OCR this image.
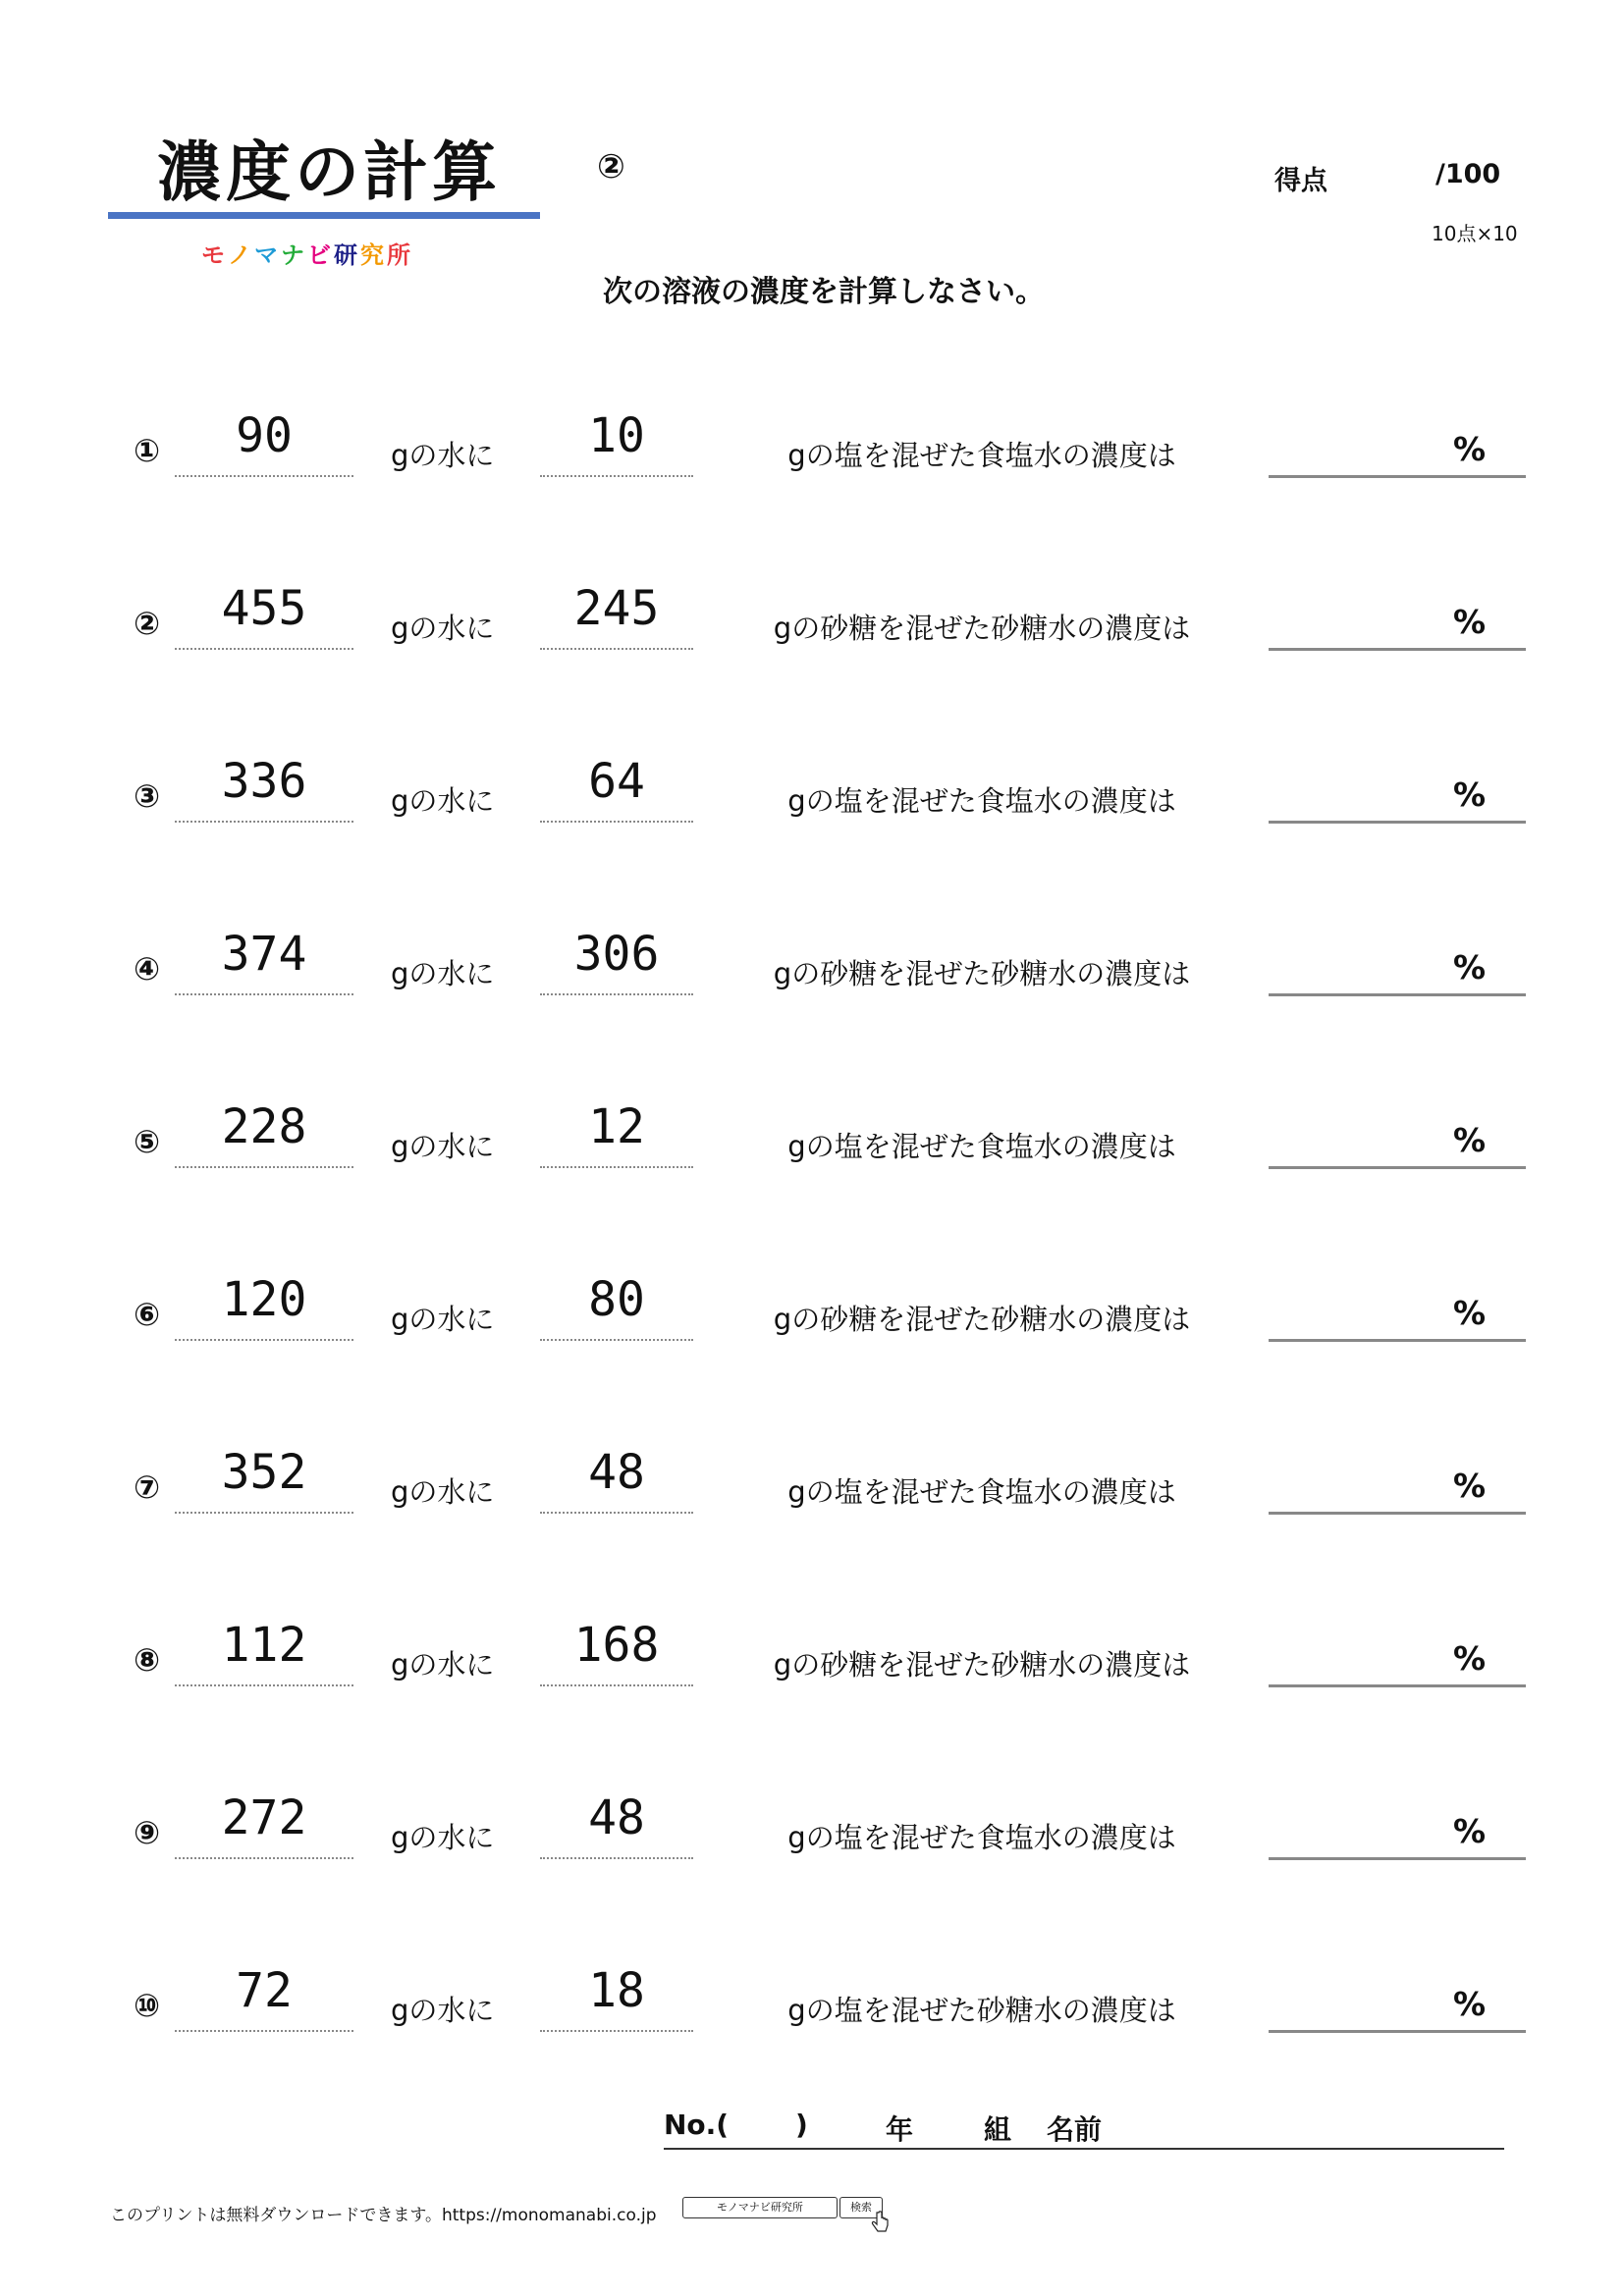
濃度の計算	②
モノマナビ研究所
得点	/100
10点×10
次の溶液の濃度を計算しなさい。
①	90	gの水に	10	gの塩を混ぜた食塩水の濃度は	%
②	455	gの水に	245	gの砂糖を混ぜた砂糖水の濃度は	%
③	336	gの水に	64	gの塩を混ぜた食塩水の濃度は	%
④	374	gの水に	306	gの砂糖を混ぜた砂糖水の濃度は	%
⑤	228	gの水に	12	gの塩を混ぜた食塩水の濃度は	%
⑥	120	gの水に	80	gの砂糖を混ぜた砂糖水の濃度は	%
⑦	352	gの水に	48	gの塩を混ぜた食塩水の濃度は	%
⑧	112	gの水に	168	gの砂糖を混ぜた砂糖水の濃度は	%
⑨	272	gの水に	48	gの塩を混ぜた食塩水の濃度は	%
⑩	72	gの水に	18	gの塩を混ぜた砂糖水の濃度は	%
No.( )	年	組 名前
このプリントは無料ダウンロードできます。https://monomanabi.co.jp	モノマナビ研究所	検索
